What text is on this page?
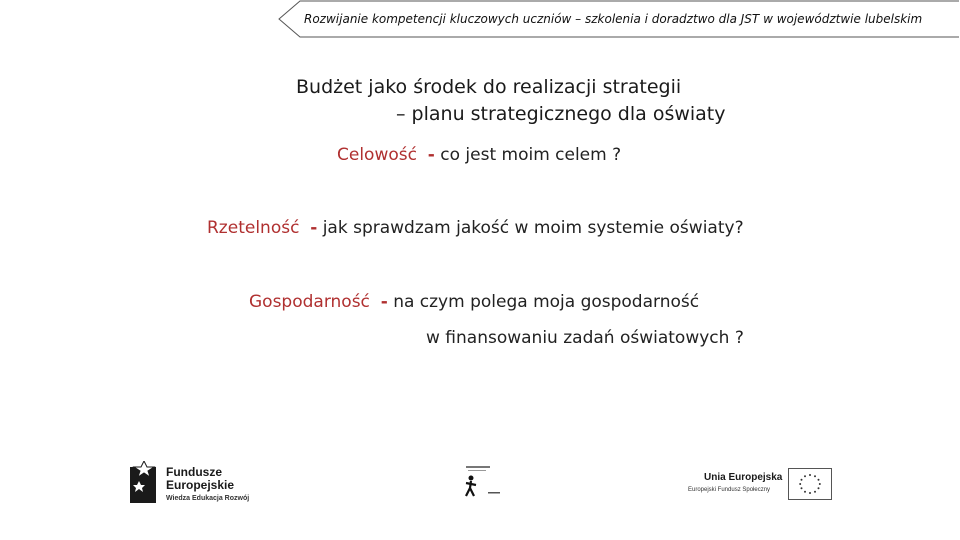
Rozwijanie kompetencji kluczowych uczniów – szkolenia i doradztwo dla JST w województwie lubelskim
Budżet jako środek do realizacji strategii
– planu strategicznego dla oświaty
Celowość - co jest moim celem ?
Rzetelność - jak sprawdzam jakość w moim systemie oświaty?
Gospodarność - na czym polega moja gospodarność
w finansowaniu zadań oświatowych ?
Fundusze
Europejskie
Wiedza Edukacja Rozwój
Unia Europejska
Europejski Fundusz Społeczny
